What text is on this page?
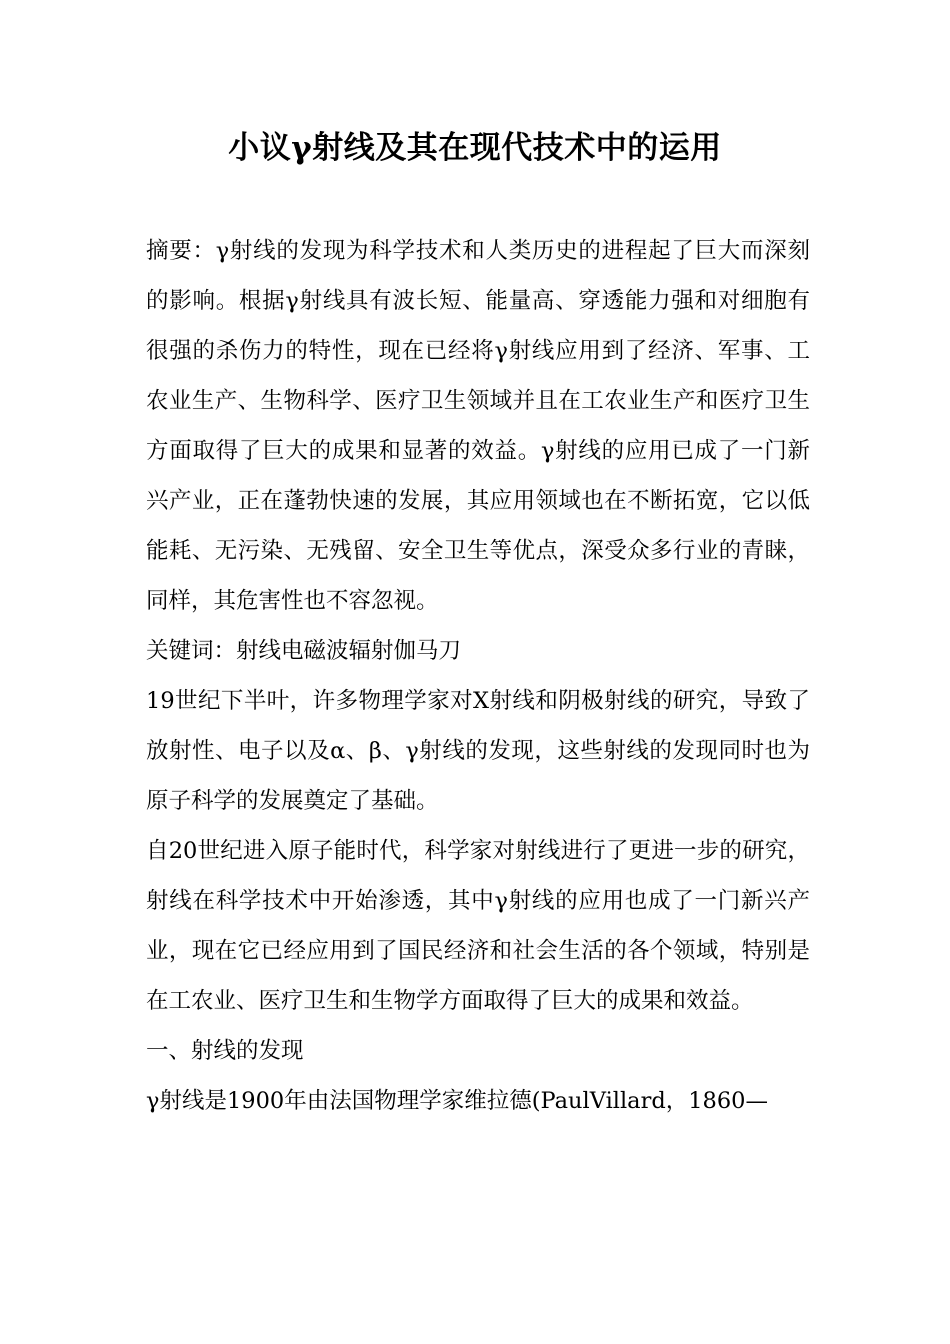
小议γ射线及其在现代技术中的运用

摘要：γ射线的发现为科学技术和人类历史的进程起了巨大而深刻的影响。根据γ射线具有波长短、能量高、穿透能力强和对细胞有很强的杀伤力的特性，现在已经将γ射线应用到了经济、军事、工农业生产、生物科学、医疗卫生领域并且在工农业生产和医疗卫生方面取得了巨大的成果和显著的效益。γ射线的应用已成了一门新兴产业，正在蓬勃快速的发展，其应用领域也在不断拓宽，它以低能耗、无污染、无残留、安全卫生等优点，深受众多行业的青睐，同样，其危害性也不容忽视。

关键词：射线电磁波辐射伽马刀

19世纪下半叶，许多物理学家对X射线和阴极射线的研究，导致了放射性、电子以及α、β、γ射线的发现，这些射线的发现同时也为原子科学的发展奠定了基础。

自20世纪进入原子能时代，科学家对射线进行了更进一步的研究，射线在科学技术中开始渗透，其中γ射线的应用也成了一门新兴产业，现在它已经应用到了国民经济和社会生活的各个领域，特别是在工农业、医疗卫生和生物学方面取得了巨大的成果和效益。

一、射线的发现

γ射线是1900年由法国物理学家维拉德(PaulVillard，1860—
